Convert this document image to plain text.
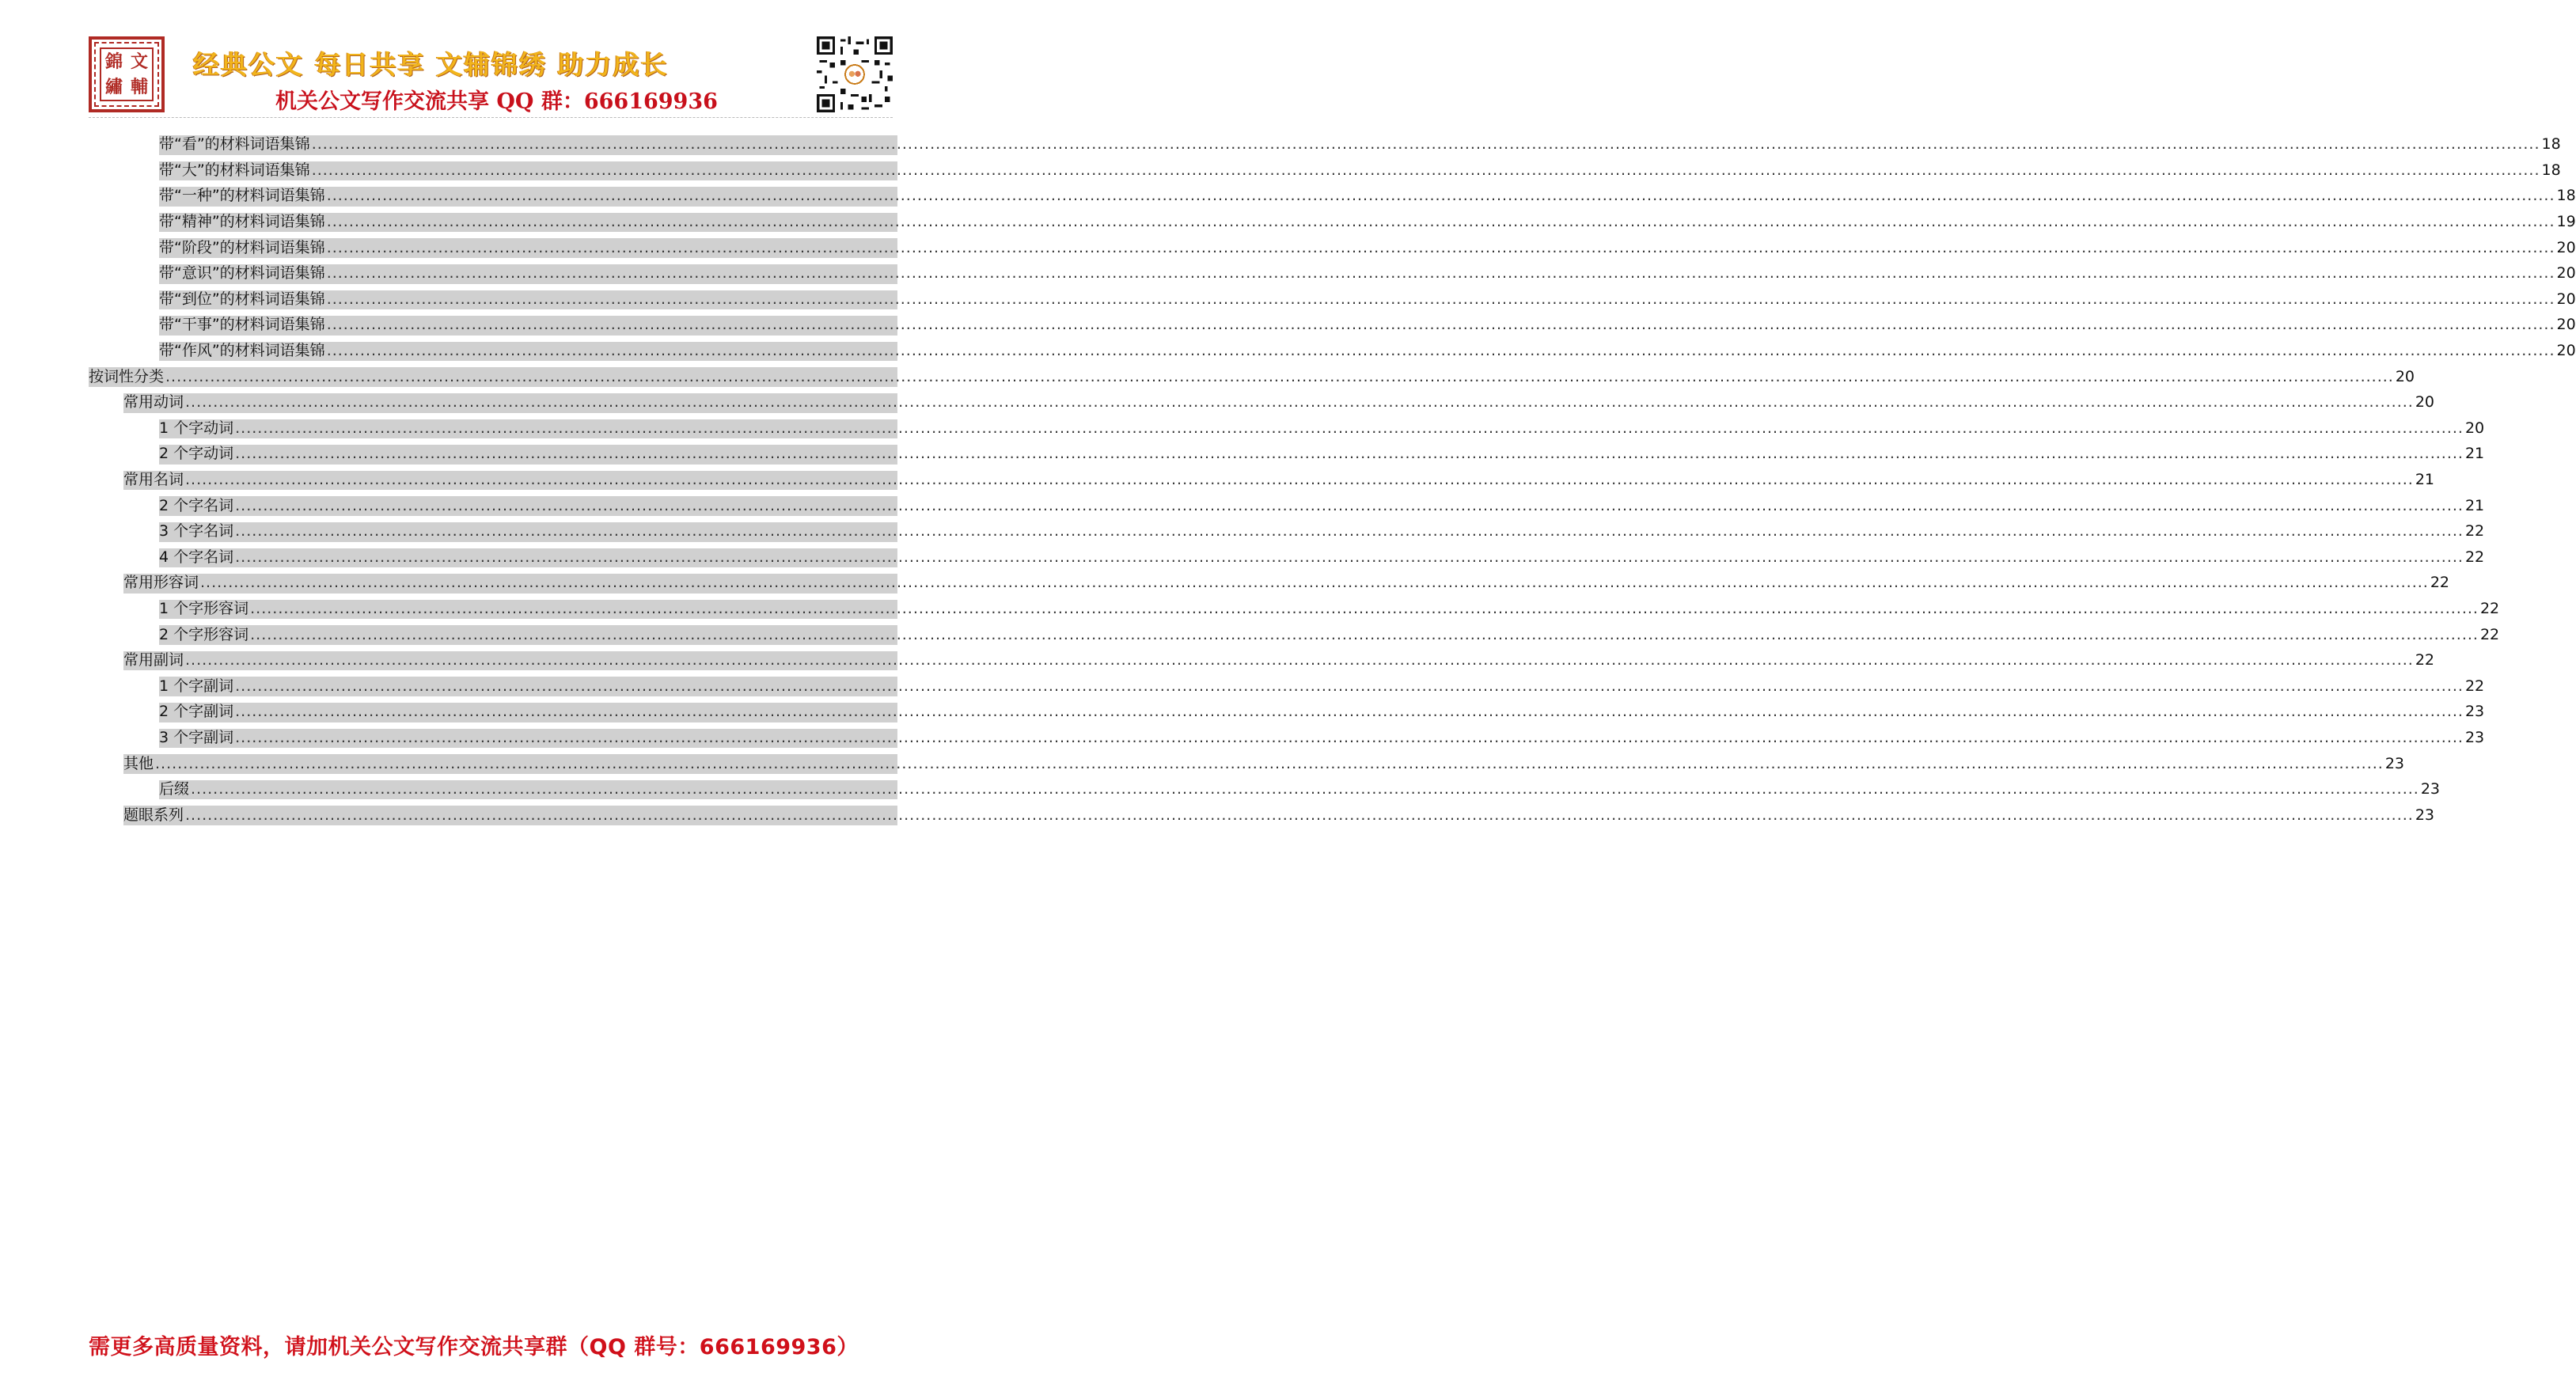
錦 文
繡 輔
经典公文 每日共享 文辅锦绣 助力成长
机关公文写作交流共享 QQ 群：666169936
带“看”的材料词语集锦 ................................................................................................................................................................................................................................................................................................................................................................................................................ 18
带“大”的材料词语集锦 ................................................................................................................................................................................................................................................................................................................................................................................................................ 18
带“一种”的材料词语集锦 ................................................................................................................................................................................................................................................................................................................................................................................................................ 18
带“精神”的材料词语集锦 ................................................................................................................................................................................................................................................................................................................................................................................................................ 19
带“阶段”的材料词语集锦 ................................................................................................................................................................................................................................................................................................................................................................................................................ 20
带“意识”的材料词语集锦 ................................................................................................................................................................................................................................................................................................................................................................................................................ 20
带“到位”的材料词语集锦 ................................................................................................................................................................................................................................................................................................................................................................................................................ 20
带“干事”的材料词语集锦 ................................................................................................................................................................................................................................................................................................................................................................................................................ 20
带“作风”的材料词语集锦 ................................................................................................................................................................................................................................................................................................................................................................................................................ 20
按词性分类 ................................................................................................................................................................................................................................................................................................................................................................................................................ 20
常用动词 ................................................................................................................................................................................................................................................................................................................................................................................................................ 20
1 个字动词 ................................................................................................................................................................................................................................................................................................................................................................................................................ 20
2 个字动词 ................................................................................................................................................................................................................................................................................................................................................................................................................ 21
常用名词 ................................................................................................................................................................................................................................................................................................................................................................................................................ 21
2 个字名词 ................................................................................................................................................................................................................................................................................................................................................................................................................ 21
3 个字名词 ................................................................................................................................................................................................................................................................................................................................................................................................................ 22
4 个字名词 ................................................................................................................................................................................................................................................................................................................................................................................................................ 22
常用形容词 ................................................................................................................................................................................................................................................................................................................................................................................................................ 22
1 个字形容词 ................................................................................................................................................................................................................................................................................................................................................................................................................ 22
2 个字形容词 ................................................................................................................................................................................................................................................................................................................................................................................................................ 22
常用副词 ................................................................................................................................................................................................................................................................................................................................................................................................................ 22
1 个字副词 ................................................................................................................................................................................................................................................................................................................................................................................................................ 22
2 个字副词 ................................................................................................................................................................................................................................................................................................................................................................................................................ 23
3 个字副词 ................................................................................................................................................................................................................................................................................................................................................................................................................ 23
其他 ................................................................................................................................................................................................................................................................................................................................................................................................................ 23
后缀 ................................................................................................................................................................................................................................................................................................................................................................................................................ 23
题眼系列 ................................................................................................................................................................................................................................................................................................................................................................................................................ 23
需更多高质量资料，请加机关公文写作交流共享群（QQ 群号：666169936）
